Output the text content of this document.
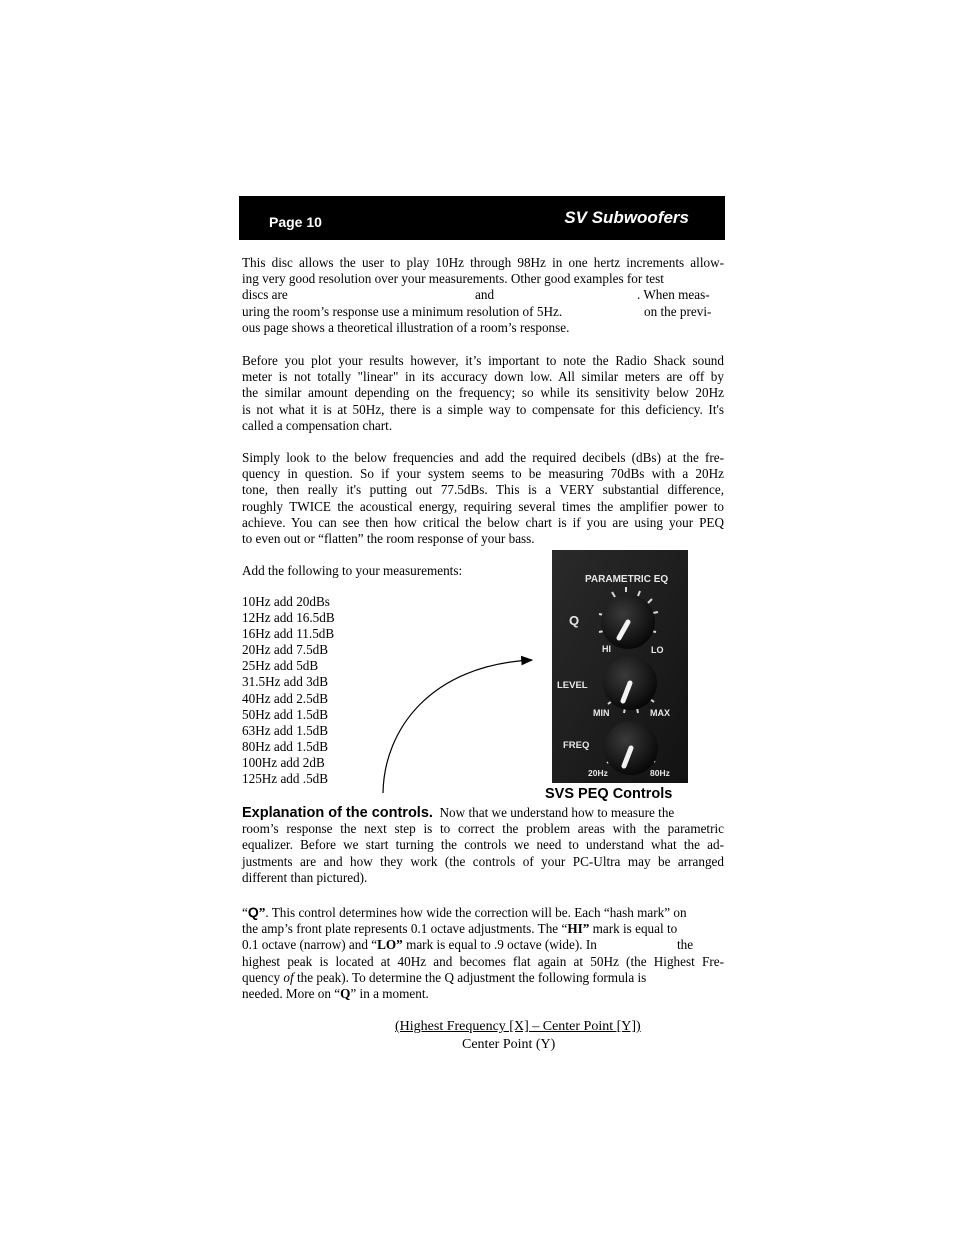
Page 10	SV Subwoofers
This disc allows the user to play 10Hz through 98Hz in one hertz increments allow-
ing very good resolution over your measurements. Other good examples for test
discs are	and	. When meas-
uring the room’s response use a minimum resolution of 5Hz.	on the previ-
ous page shows a theoretical illustration of a room’s response.
Before you plot your results however, it’s important to note the Radio Shack sound
meter is not totally "linear" in its accuracy down low. All similar meters are off by
the similar amount depending on the frequency; so while its sensitivity below 20Hz
is not what it is at 50Hz, there is a simple way to compensate for this deficiency. It's
called a compensation chart.
Simply look to the below frequencies and add the required decibels (dBs) at the fre-
quency in question. So if your system seems to be measuring 70dBs with a 20Hz
tone, then really it's putting out 77.5dBs. This is a VERY substantial difference,
roughly TWICE the acoustical energy, requiring several times the amplifier power to
achieve. You can see then how critical the below chart is if you are using your PEQ
to even out or “flatten” the room response of your bass.
Add the following to your measurements:
10Hz add 20dBs
12Hz add 16.5dB
16Hz add 11.5dB
20Hz add 7.5dB
25Hz add 5dB
31.5Hz add 3dB
40Hz add 2.5dB
50Hz add 1.5dB
63Hz add 1.5dB
80Hz add 1.5dB
100Hz add 2dB
125Hz add .5dB
PARAMETRIC EQ
Q
LEVEL
FREQ
HI	LO
MIN	MAX
20Hz	80Hz
SVS PEQ Controls
Explanation of the controls. Now that we understand how to measure the
room’s response the next step is to correct the problem areas with the parametric
equalizer. Before we start turning the controls we need to understand what the ad-
justments are and how they work (the controls of your PC-Ultra may be arranged
different than pictured).
“Q”. This control determines how wide the correction will be. Each “hash mark” on
the amp’s front plate represents 0.1 octave adjustments. The “HI” mark is equal to
0.1 octave (narrow) and “LO” mark is equal to .9 octave (wide). In	the
highest peak is located at 40Hz and becomes flat again at 50Hz (the Highest Fre-
quency of the peak). To determine the Q adjustment the following formula is
needed. More on “Q” in a moment.
(Highest Frequency [X] – Center Point [Y])
Center Point (Y)
